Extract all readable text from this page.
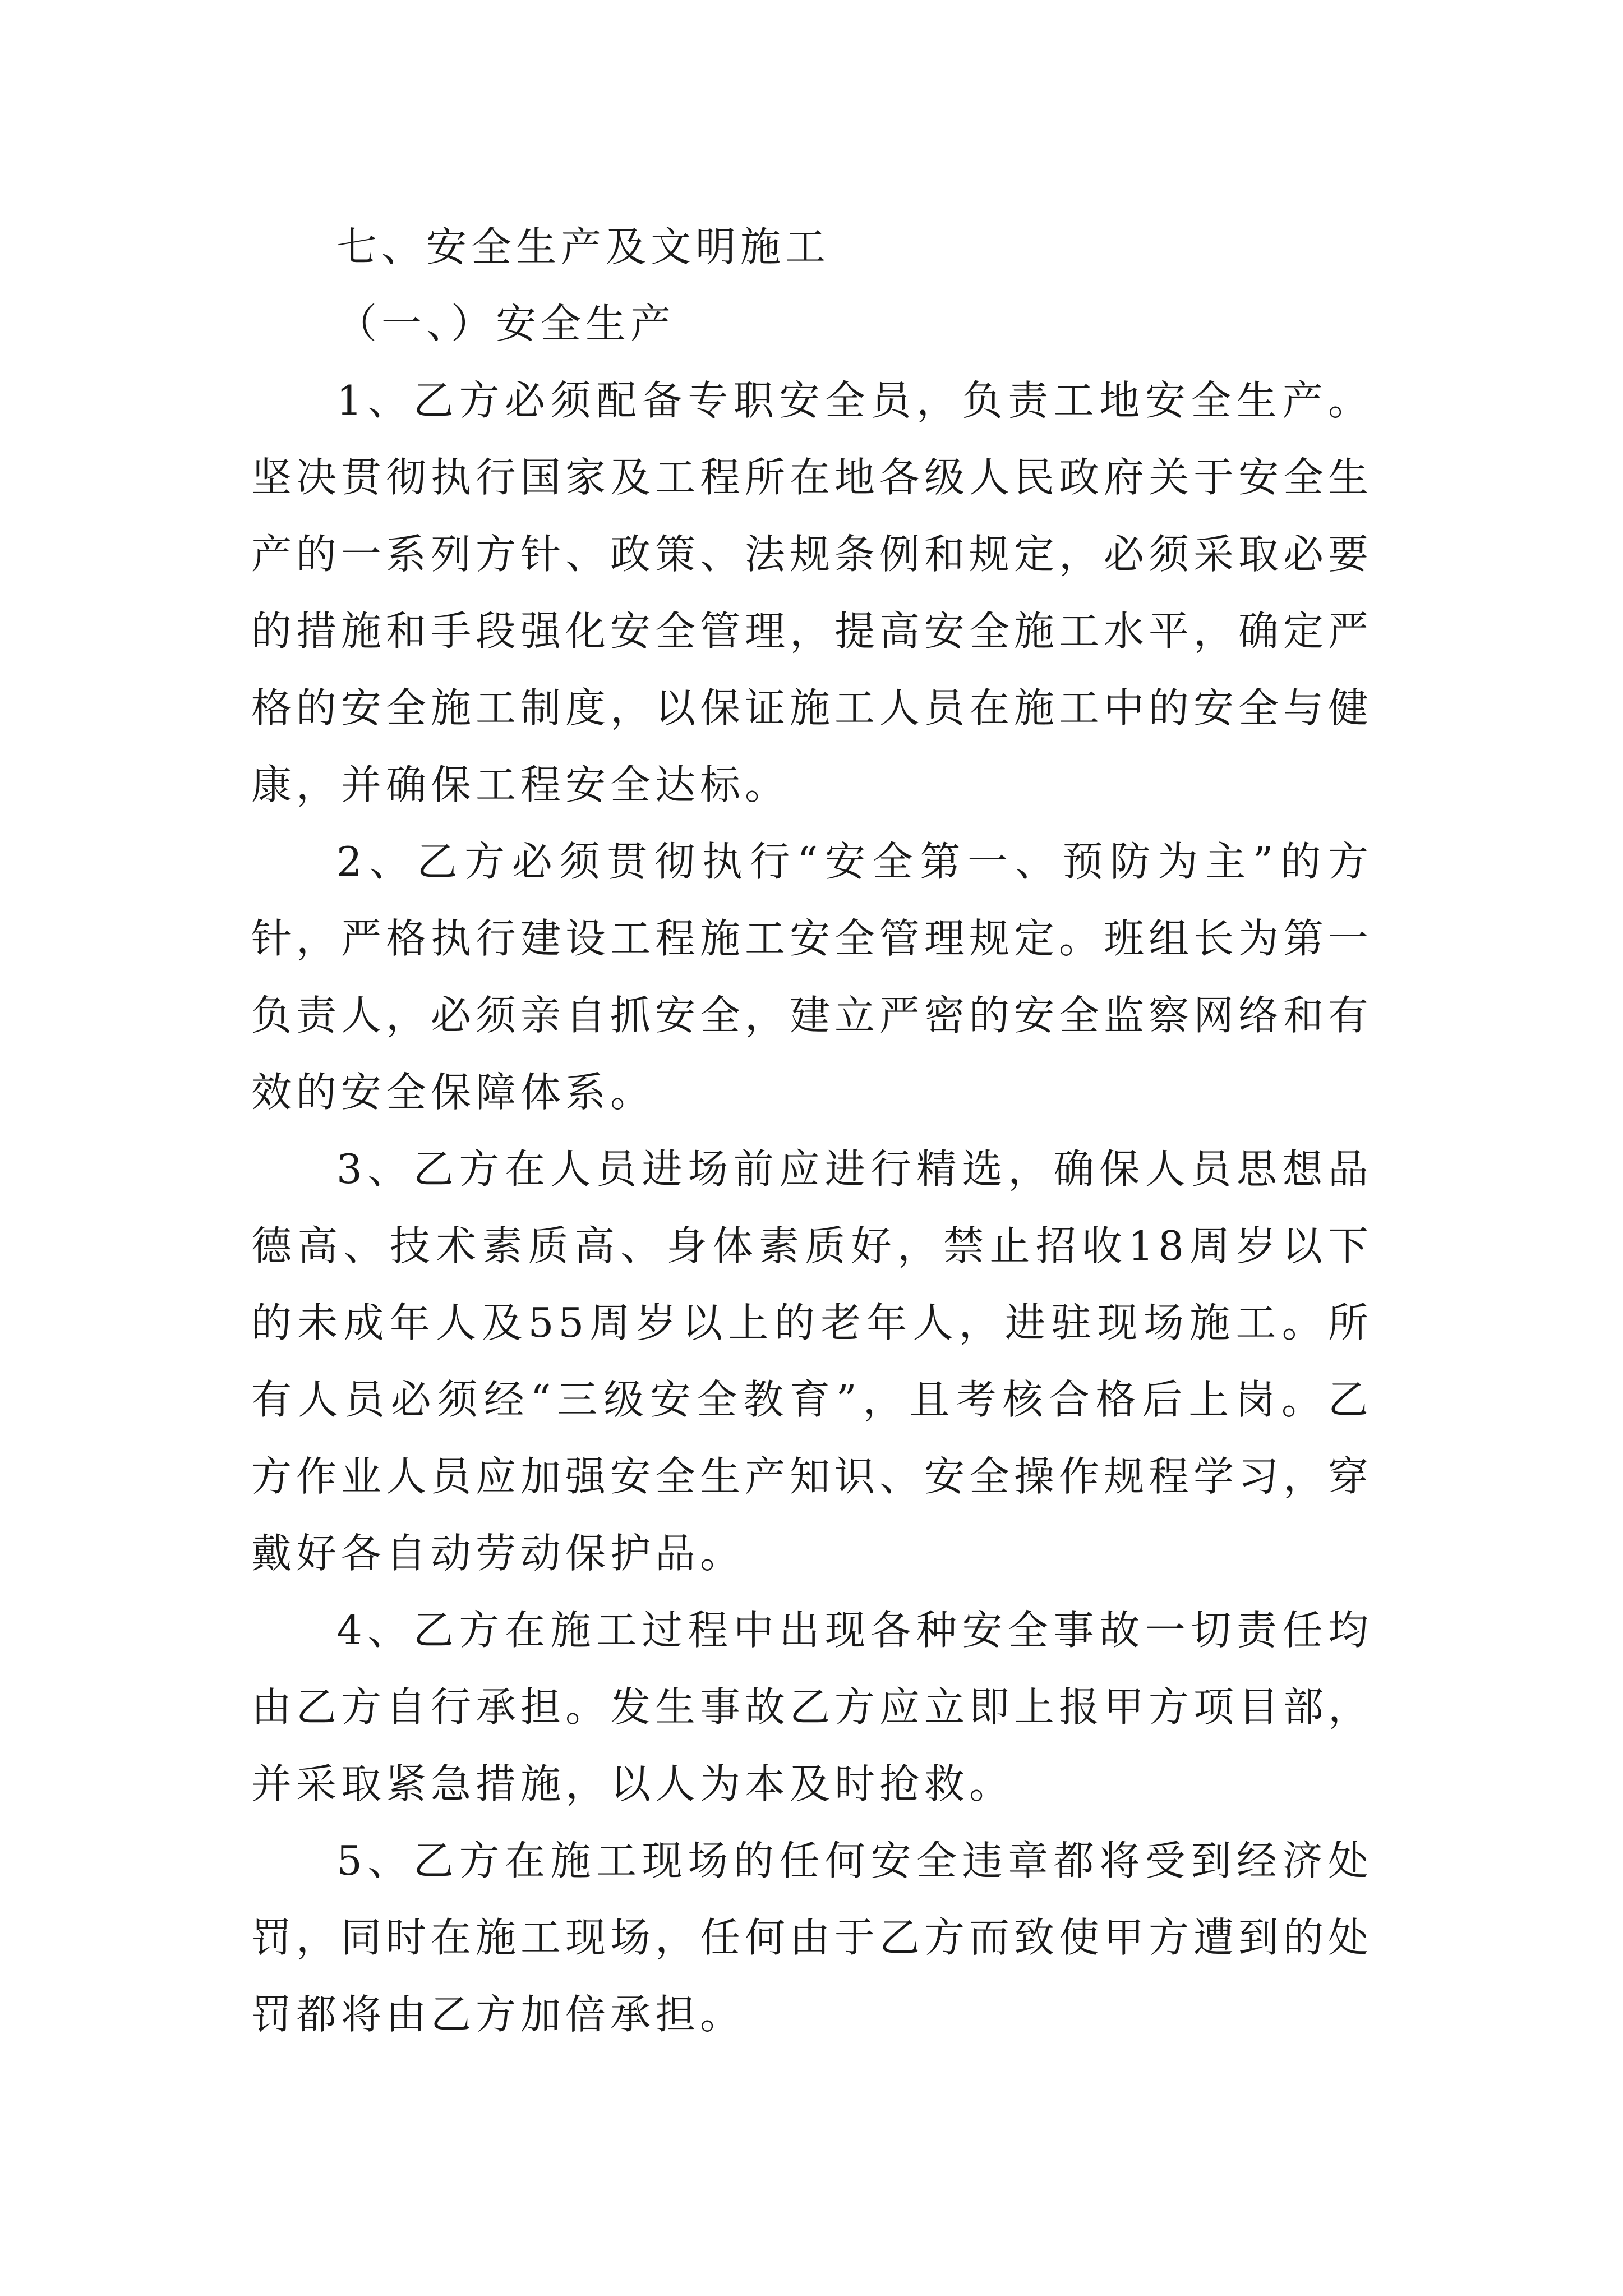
七、安全生产及文明施工
（一、）安全生产

1、乙方必须配备专职安全员，负责工地安全生产。坚决贯彻执行国家及工程所在地各级人民政府关于安全生产的一系列方针、政策、法规条例和规定，必须采取必要的措施和手段强化安全管理，提高安全施工水平，确定严格的安全施工制度，以保证施工人员在施工中的安全与健康，并确保工程安全达标。

2、乙方必须贯彻执行“安全第一、预防为主”的方针，严格执行建设工程施工安全管理规定。班组长为第一负责人，必须亲自抓安全，建立严密的安全监察网络和有效的安全保障体系。

3、乙方在人员进场前应进行精选，确保人员思想品德高、技术素质高、身体素质好，禁止招收18周岁以下的未成年人及55周岁以上的老年人，进驻现场施工。所有人员必须经“三级安全教育”，且考核合格后上岗。乙方作业人员应加强安全生产知识、安全操作规程学习，穿戴好各自动劳动保护品。

4、乙方在施工过程中出现各种安全事故一切责任均由乙方自行承担。发生事故乙方应立即上报甲方项目部，并采取紧急措施，以人为本及时抢救。

5、乙方在施工现场的任何安全违章都将受到经济处罚，同时在施工现场，任何由于乙方而致使甲方遭到的处罚都将由乙方加倍承担。
